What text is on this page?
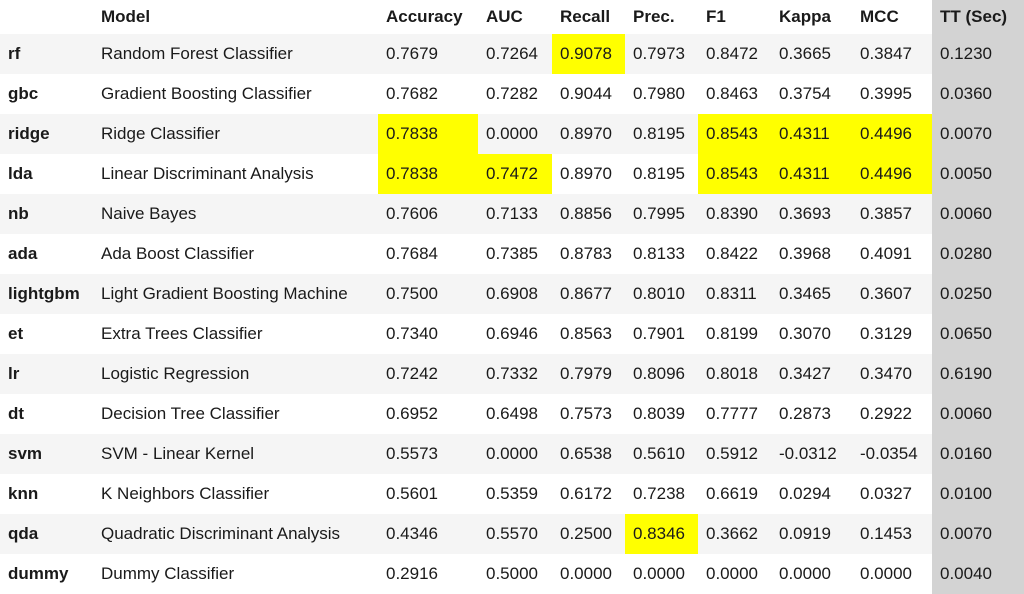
	Model	Accuracy	AUC	Recall	Prec.	F1	Kappa	MCC	TT (Sec)
rf	Random Forest Classifier	0.7679	0.7264	0.9078	0.7973	0.8472	0.3665	0.3847	0.1230
gbc	Gradient Boosting Classifier	0.7682	0.7282	0.9044	0.7980	0.8463	0.3754	0.3995	0.0360
ridge	Ridge Classifier	0.7838	0.0000	0.8970	0.8195	0.8543	0.4311	0.4496	0.0070
lda	Linear Discriminant Analysis	0.7838	0.7472	0.8970	0.8195	0.8543	0.4311	0.4496	0.0050
nb	Naive Bayes	0.7606	0.7133	0.8856	0.7995	0.8390	0.3693	0.3857	0.0060
ada	Ada Boost Classifier	0.7684	0.7385	0.8783	0.8133	0.8422	0.3968	0.4091	0.0280
lightgbm	Light Gradient Boosting Machine	0.7500	0.6908	0.8677	0.8010	0.8311	0.3465	0.3607	0.0250
et	Extra Trees Classifier	0.7340	0.6946	0.8563	0.7901	0.8199	0.3070	0.3129	0.0650
lr	Logistic Regression	0.7242	0.7332	0.7979	0.8096	0.8018	0.3427	0.3470	0.6190
dt	Decision Tree Classifier	0.6952	0.6498	0.7573	0.8039	0.7777	0.2873	0.2922	0.0060
svm	SVM - Linear Kernel	0.5573	0.0000	0.6538	0.5610	0.5912	-0.0312	-0.0354	0.0160
knn	K Neighbors Classifier	0.5601	0.5359	0.6172	0.7238	0.6619	0.0294	0.0327	0.0100
qda	Quadratic Discriminant Analysis	0.4346	0.5570	0.2500	0.8346	0.3662	0.0919	0.1453	0.0070
dummy	Dummy Classifier	0.2916	0.5000	0.0000	0.0000	0.0000	0.0000	0.0000	0.0040
